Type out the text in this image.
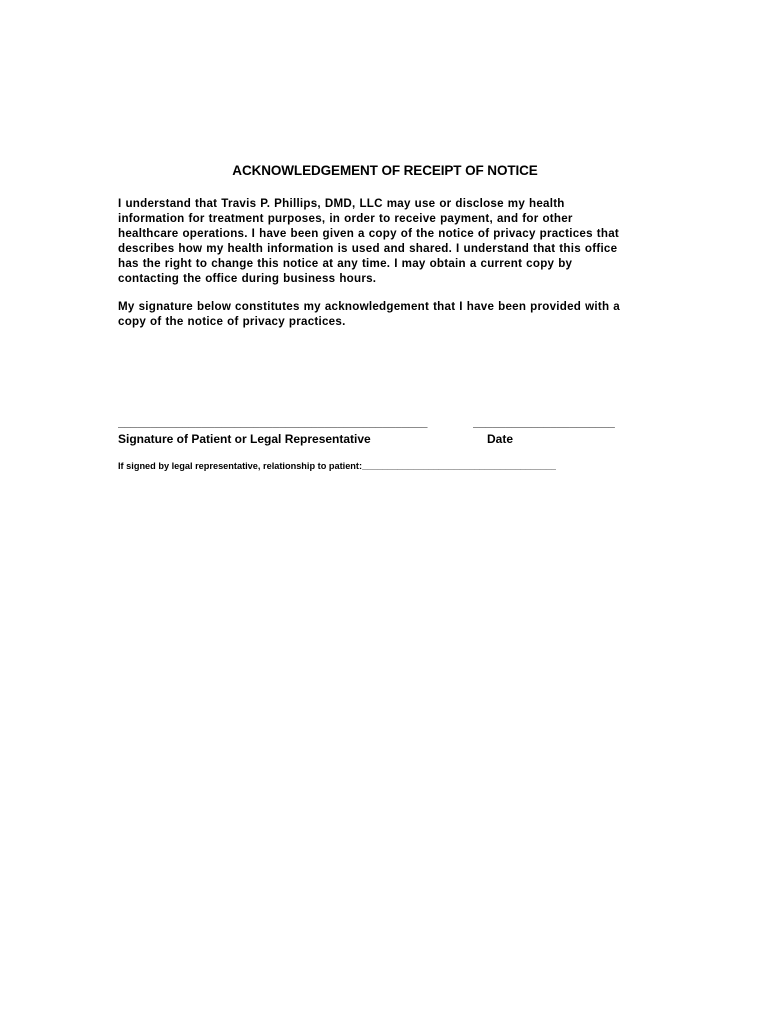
ACKNOWLEDGEMENT OF RECEIPT OF NOTICE

I understand that Travis P. Phillips, DMD, LLC may use or disclose my health
information for treatment purposes, in order to receive payment, and for other
healthcare operations. I have been given a copy of the notice of privacy practices that
describes how my health information is used and shared. I understand that this office
has the right to change this notice at any time. I may obtain a current copy by
contacting the office during business hours.

My signature below constitutes my acknowledgement that I have been provided with a
copy of the notice of privacy practices.

________________________________________________	______________________
Signature of Patient or Legal Representative	Date
If signed by legal representative, relationship to patient:______________________________________
